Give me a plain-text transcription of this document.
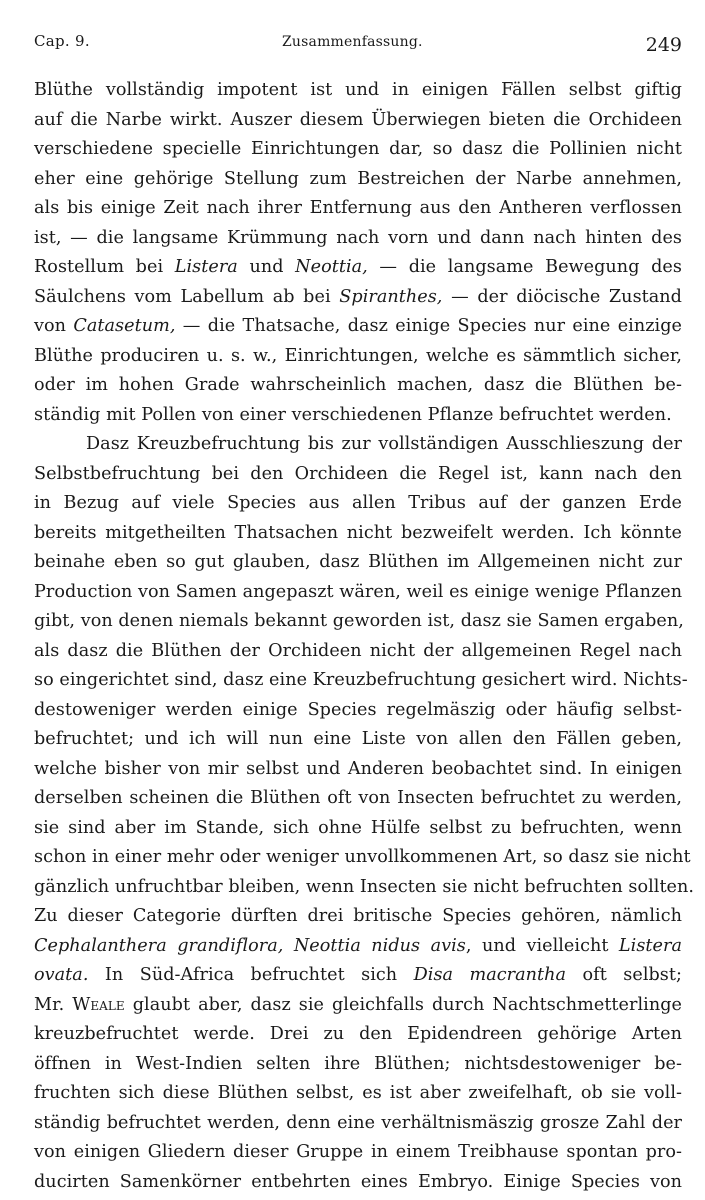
Cap. 9.	Zusammenfassung.	249
Blüthe vollständig impotent ist und in einigen Fällen selbst giftig
auf die Narbe wirkt. Auszer diesem Überwiegen bieten die Orchideen
verschiedene specielle Einrichtungen dar, so dasz die Pollinien nicht
eher eine gehörige Stellung zum Bestreichen der Narbe annehmen,
als bis einige Zeit nach ihrer Entfernung aus den Antheren verflossen
ist, — die langsame Krümmung nach vorn und dann nach hinten des
Rostellum bei Listera und Neottia, — die langsame Bewegung des
Säulchens vom Labellum ab bei Spiranthes, — der diöcische Zustand
von Catasetum, — die Thatsache, dasz einige Species nur eine einzige
Blüthe produciren u. s. w., Einrichtungen, welche es sämmtlich sicher,
oder im hohen Grade wahrscheinlich machen, dasz die Blüthen be-
ständig mit Pollen von einer verschiedenen Pflanze befruchtet werden.
Dasz Kreuzbefruchtung bis zur vollständigen Ausschlieszung der
Selbstbefruchtung bei den Orchideen die Regel ist, kann nach den
in Bezug auf viele Species aus allen Tribus auf der ganzen Erde
bereits mitgetheilten Thatsachen nicht bezweifelt werden. Ich könnte
beinahe eben so gut glauben, dasz Blüthen im Allgemeinen nicht zur
Production von Samen angepaszt wären, weil es einige wenige Pflanzen
gibt, von denen niemals bekannt geworden ist, dasz sie Samen ergaben,
als dasz die Blüthen der Orchideen nicht der allgemeinen Regel nach
so eingerichtet sind, dasz eine Kreuzbefruchtung gesichert wird. Nichts-
destoweniger werden einige Species regelmäszig oder häufig selbst-
befruchtet; und ich will nun eine Liste von allen den Fällen geben,
welche bisher von mir selbst und Anderen beobachtet sind. In einigen
derselben scheinen die Blüthen oft von Insecten befruchtet zu werden,
sie sind aber im Stande, sich ohne Hülfe selbst zu befruchten, wenn
schon in einer mehr oder weniger unvollkommenen Art, so dasz sie nicht
gänzlich unfruchtbar bleiben, wenn Insecten sie nicht befruchten sollten.
Zu dieser Categorie dürften drei britische Species gehören, nämlich
Cephalanthera grandiflora, Neottia nidus avis, und vielleicht Listera
ovata. In Süd-Africa befruchtet sich Disa macrantha oft selbst;
Mr. Weale glaubt aber, dasz sie gleichfalls durch Nachtschmetterlinge
kreuzbefruchtet werde. Drei zu den Epidendreen gehörige Arten
öffnen in West-Indien selten ihre Blüthen; nichtsdestoweniger be-
fruchten sich diese Blüthen selbst, es ist aber zweifelhaft, ob sie voll-
ständig befruchtet werden, denn eine verhältnismäszig grosze Zahl der
von einigen Gliedern dieser Gruppe in einem Treibhause spontan pro-
ducirten Samenkörner entbehrten eines Embryo. Einige Species von
